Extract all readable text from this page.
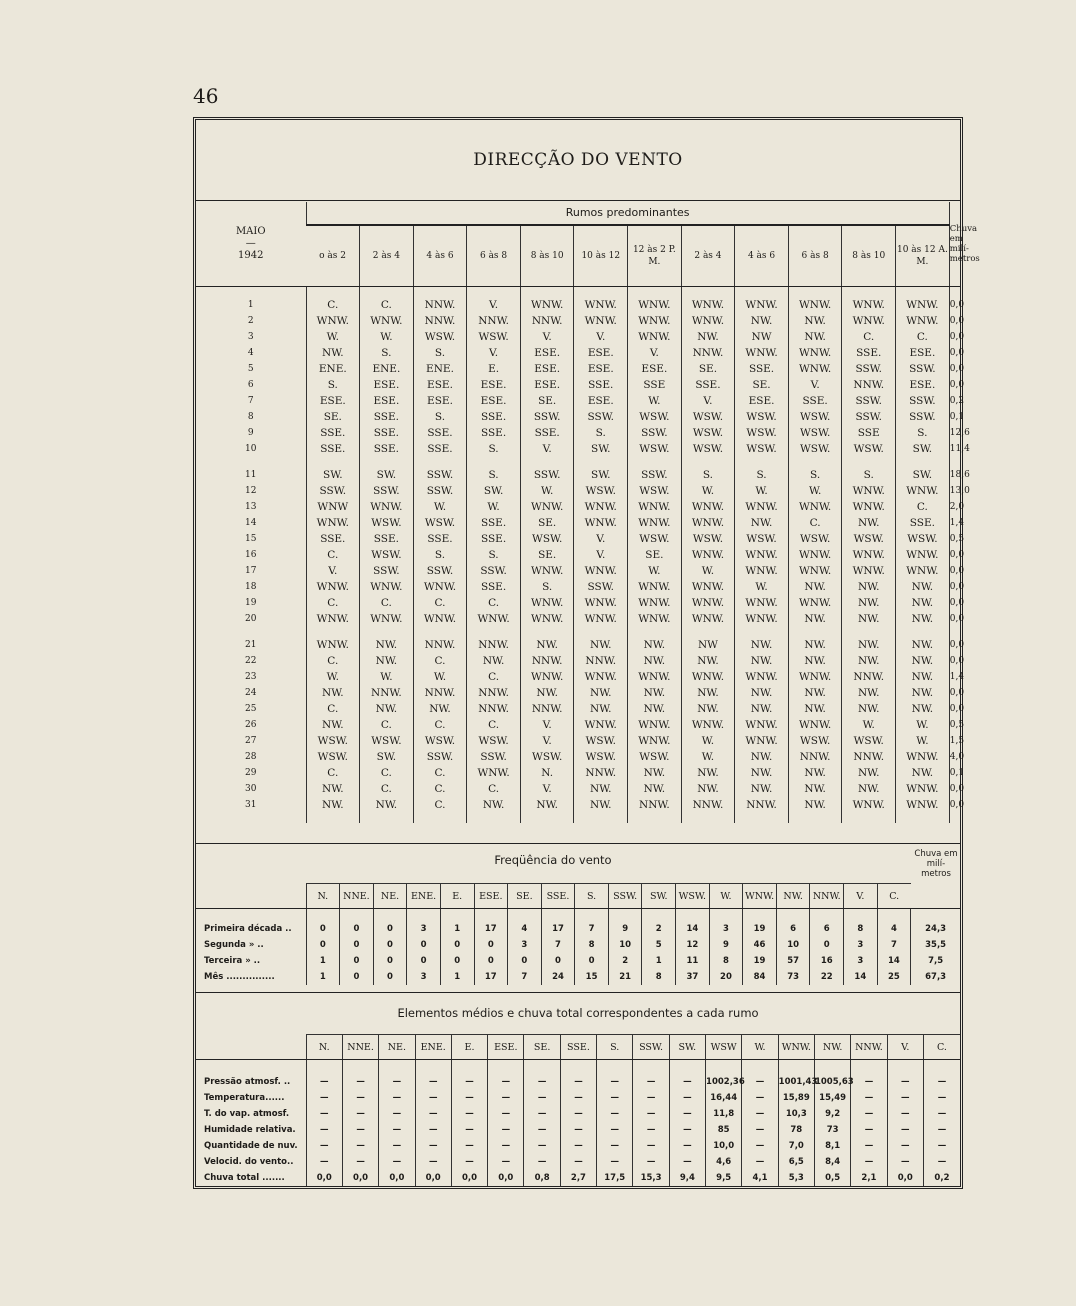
46
DIRECÇÃO DO VENTO
MAIO
—
1942	Rumos predominantes												Chuva em milímetros
	o às 2	2 às 4	4 às 6	6 às 8	8 às 10	10 às 12	12 às 2 P. M.	2 às 4	4 às 6	6 às 8	8 às 10	10 às 12 A. M.	

1	C.	C.	NNW.	V.	WNW.	WNW.	WNW.	WNW.	WNW.	WNW.	WNW.	WNW.	0,0
2	WNW.	WNW.	NNW.	NNW.	NNW.	WNW.	WNW.	WNW.	NW.	NW.	WNW.	WNW.	0,0
3	W.	W.	WSW.	WSW.	V.	V.	WNW.	NW.	NW	NW.	C.	C.	0,0
4	NW.	S.	S.	V.	ESE.	ESE.	V.	NNW.	WNW.	WNW.	SSE.	ESE.	0,0
5	ENE.	ENE.	ENE.	E.	ESE.	ESE.	ESE.	SE.	SSE.	WNW.	SSW.	SSW.	0,0
6	S.	ESE.	ESE.	ESE.	ESE.	SSE.	SSE	SSE.	SE.	V.	NNW.	ESE.	0,0
7	ESE.	ESE.	ESE.	ESE.	SE.	ESE.	W.	V.	ESE.	SSE.	SSW.	SSW.	0,2
8	SE.	SSE.	S.	SSE.	SSW.	SSW.	WSW.	WSW.	WSW.	WSW.	SSW.	SSW.	0,1
9	SSE.	SSE.	SSE.	SSE.	SSE.	S.	SSW.	WSW.	WSW.	WSW.	SSE	S.	12,6
10	SSE.	SSE.	SSE.	S.	V.	SW.	WSW.	WSW.	WSW.	WSW.	WSW.	SW.	11,4

11	SW.	SW.	SSW.	S.	SSW.	SW.	SSW.	S.	S.	S.	S.	SW.	18,6
12	SSW.	SSW.	SSW.	SW.	W.	WSW.	WSW.	W.	W.	W.	WNW.	WNW.	13,0
13	WNW	WNW.	W.	W.	WNW.	WNW.	WNW.	WNW.	WNW.	WNW.	WNW.	C.	2,0
14	WNW.	WSW.	WSW.	SSE.	SE.	WNW.	WNW.	WNW.	NW.	C.	NW.	SSE.	1,4
15	SSE.	SSE.	SSE.	SSE.	WSW.	V.	WSW.	WSW.	WSW.	WSW.	WSW.	WSW.	0,5
16	C.	WSW.	S.	S.	SE.	V.	SE.	WNW.	WNW.	WNW.	WNW.	WNW.	0,0
17	V.	SSW.	SSW.	SSW.	WNW.	WNW.	W.	W.	WNW.	WNW.	WNW.	WNW.	0,0
18	WNW.	WNW.	WNW.	SSE.	S.	SSW.	WNW.	WNW.	W.	NW.	NW.	NW.	0,0
19	C.	C.	C.	C.	WNW.	WNW.	WNW.	WNW.	WNW.	WNW.	NW.	NW.	0,0
20	WNW.	WNW.	WNW.	WNW.	WNW.	WNW.	WNW.	WNW.	WNW.	NW.	NW.	NW.	0,0

21	WNW.	NW.	NNW.	NNW.	NW.	NW.	NW.	NW	NW.	NW.	NW.	NW.	0,0
22	C.	NW.	C.	NW.	NNW.	NNW.	NW.	NW.	NW.	NW.	NW.	NW.	0,0
23	W.	W.	W.	C.	WNW.	WNW.	WNW.	WNW.	WNW.	WNW.	NNW.	NW.	1,4
24	NW.	NNW.	NNW.	NNW.	NW.	NW.	NW.	NW.	NW.	NW.	NW.	NW.	0,0
25	C.	NW.	NW.	NNW.	NNW.	NW.	NW.	NW.	NW.	NW.	NW.	NW.	0,0
26	NW.	C.	C.	C.	V.	WNW.	WNW.	WNW.	WNW.	WNW.	W.	W.	0,5
27	WSW.	WSW.	WSW.	WSW.	V.	WSW.	WNW.	W.	WNW.	WSW.	WSW.	W.	1,5
28	WSW.	SW.	SSW.	SSW.	WSW.	WSW.	WSW.	W.	NW.	NNW.	NNW.	WNW.	4,0
29	C.	C.	C.	WNW.	N.	NNW.	NW.	NW.	NW.	NW.	NW.	NW.	0,1
30	NW.	C.	C.	C.	V.	NW.	NW.	NW.	NW.	NW.	NW.	WNW.	0,0
31	NW.	NW.	C.	NW.	NW.	NW.	NNW.	NNW.	NNW.	NW.	WNW.	WNW.	0,0

Freqüência do vento	Chuva em milímetros
	N.	NNE.	NE.	ENE.	E.	ESE.	SE.	SSE.	S.	SSW.	SW.	WSW.	W.	WNW.	NW.	NNW.	V.	C.	
Primeira década ..	0	0	0	3	1	17	4	17	7	9	2	14	3	19	6	6	8	4	24,3
Segunda » ..	0	0	0	0	0	0	3	7	8	10	5	12	9	46	10	0	3	7	35,5
Terceira » ..	1	0	0	0	0	0	0	0	0	2	1	11	8	19	57	16	3	14	7,5
Mês ...............	1	0	0	3	1	17	7	24	15	21	8	37	20	84	73	22	14	25	67,3
Elementos médios e chuva total correspondentes a cada rumo
	N.	NNE.	NE.	ENE.	E.	ESE.	SE.	SSE.	S.	SSW.	SW.	WSW	W.	WNW.	NW.	NNW.	V.	C.
Pressão atmosf. ..	—	—	—	—	—	—	—	—	—	—	—	1002,36	—	1001,43	1005,63	—	—	—
Temperatura......	—	—	—	—	—	—	—	—	—	—	—	16,44	—	15,89	15,49	—	—	—
T. do vap. atmosf.	—	—	—	—	—	—	—	—	—	—	—	11,8	—	10,3	9,2	—	—	—
Humidade relativa.	—	—	—	—	—	—	—	—	—	—	—	85	—	78	73	—	—	—
Quantidade de nuv.	—	—	—	—	—	—	—	—	—	—	—	10,0	—	7,0	8,1	—	—	—
Velocid. do vento..	—	—	—	—	—	—	—	—	—	—	—	4,6	—	6,5	8,4	—	—	—
Chuva total .......	0,0	0,0	0,0	0,0	0,0	0,0	0,8	2,7	17,5	15,3	9,4	9,5	4,1	5,3	0,5	2,1	0,0	0,2
